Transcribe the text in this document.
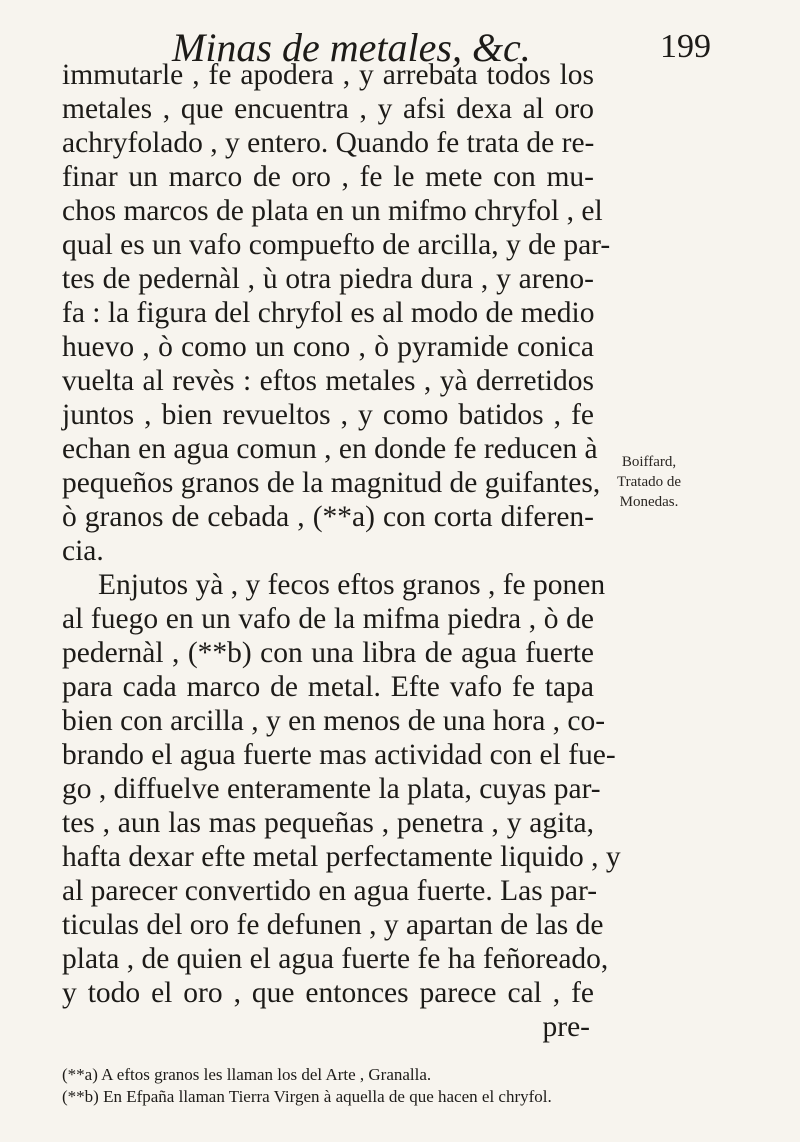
Minas de metales, &c.	199
immutarle , fe apodera , y arrebata todos los
metales , que encuentra , y afsi dexa al oro
achryfolado , y entero. Quando fe trata de re-
finar un marco de oro , fe le mete con mu-
chos marcos de plata en un mifmo chryfol , el
qual es un vafo compuefto de arcilla, y de par-
tes de pedernàl , ù otra piedra dura , y areno-
fa : la figura del chryfol es al modo de medio
huevo , ò como un cono , ò pyramide conica
vuelta al revès : eftos metales , yà derretidos
juntos , bien revueltos , y como batidos , fe
echan en agua comun , en donde fe reducen à
pequeños granos de la magnitud de guifantes,
ò granos de cebada , (**a) con corta diferen-
cia.
Enjutos yà , y fecos eftos granos , fe ponen
al fuego en un vafo de la mifma piedra , ò de
pedernàl , (**b) con una libra de agua fuerte
para cada marco de metal. Efte vafo fe tapa
bien con arcilla , y en menos de una hora , co-
brando el agua fuerte mas actividad con el fue-
go , diffuelve enteramente la plata, cuyas par-
tes , aun las mas pequeñas , penetra , y agita,
hafta dexar efte metal perfectamente liquido , y
al parecer convertido en agua fuerte. Las par-
ticulas del oro fe defunen , y apartan de las de
plata , de quien el agua fuerte fe ha feñoreado,
y todo el oro , que entonces parece cal , fe
pre-
Boiffard,
Tratado de
Monedas.
(**a) A eftos granos les llaman los del Arte , Granalla.
(**b) En Efpaña llaman Tierra Virgen à aquella de que hacen el chryfol.
